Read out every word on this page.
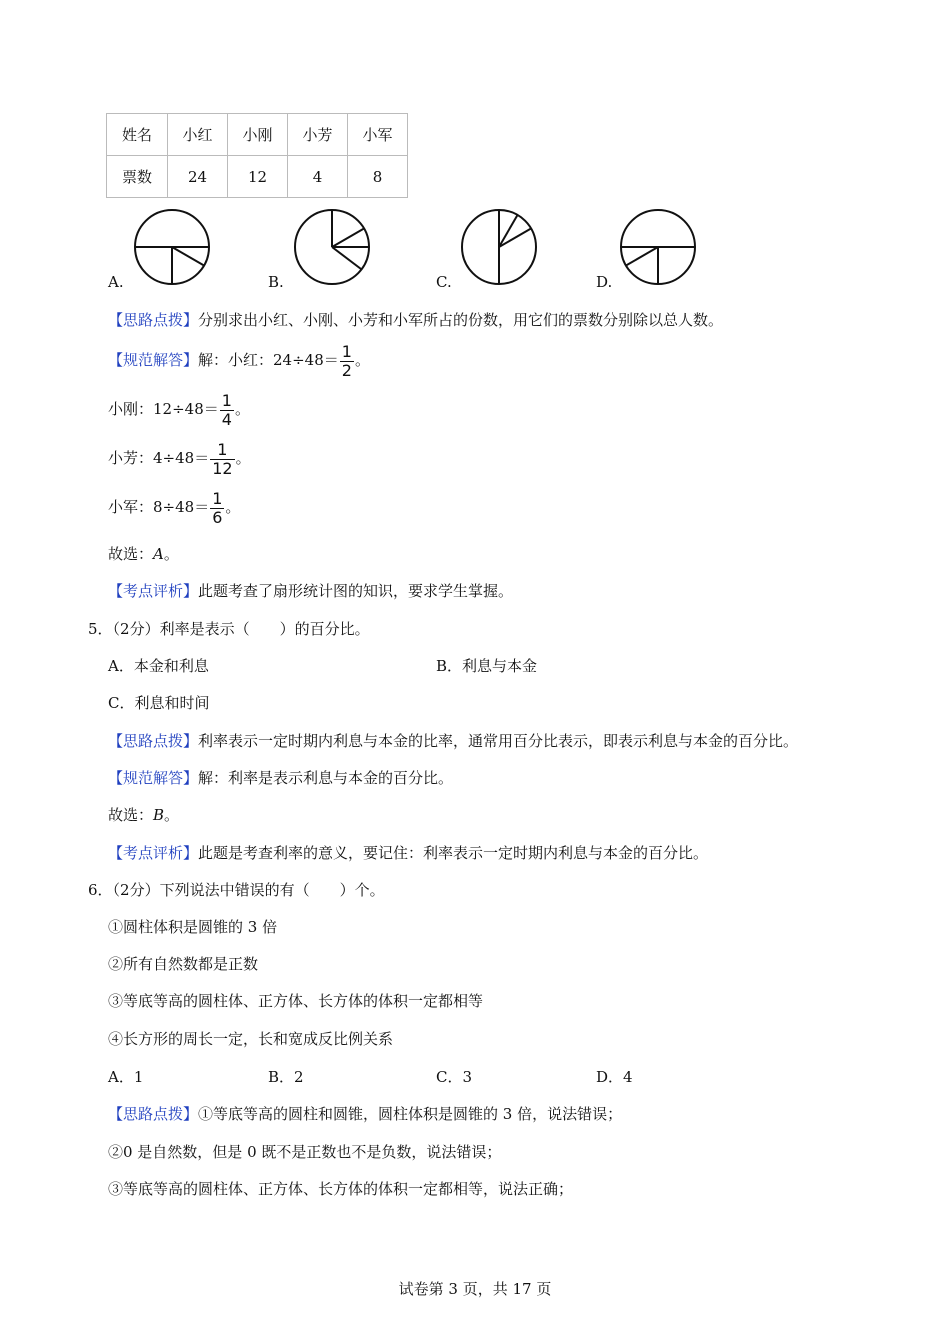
姓名	小红	小刚	小芳	小军
票数	24	12	4	8
A.	B.	C.	D.
【思路点拨】分别求出小红、小刚、小芳和小军所占的份数，用它们的票数分别除以总人数。
【规范解答】解：小红：$24\div 48= \frac{1}{2}$ 。
小刚：$12\div 48= \frac{1}{4}$ 。
小芳：$4\div 48= \frac{1}{12}$ 。
小军：$8\div 48= \frac{1}{6}$ 。
故选：A。
【考点评析】此题考查了扇形统计图的知识，要求学生掌握。
5．（2分）利率是表示（　　）的百分比。
A．本金和利息	B．利息与本金
C．利息和时间
【思路点拨】利率表示一定时期内利息与本金的比率，通常用百分比表示，即表示利息与本金的百分比。
【规范解答】解：利率是表示利息与本金的百分比。
故选：B。
【考点评析】此题是考查利率的意义，要记住：利率表示一定时期内利息与本金的百分比。
6．（2分）下列说法中错误的有（　　）个。
①圆柱体积是圆锥的 3 倍
②所有自然数都是正数
③等底等高的圆柱体、正方体、长方体的体积一定都相等
④长方形的周长一定，长和宽成反比例关系
A．1	B．2	C．3	D．4
【思路点拨】①等底等高的圆柱和圆锥，圆柱体积是圆锥的 3 倍，说法错误；
②0 是自然数，但是 0 既不是正数也不是负数，说法错误；
③等底等高的圆柱体、正方体、长方体的体积一定都相等，说法正确；
试卷第 3 页，共 17 页
